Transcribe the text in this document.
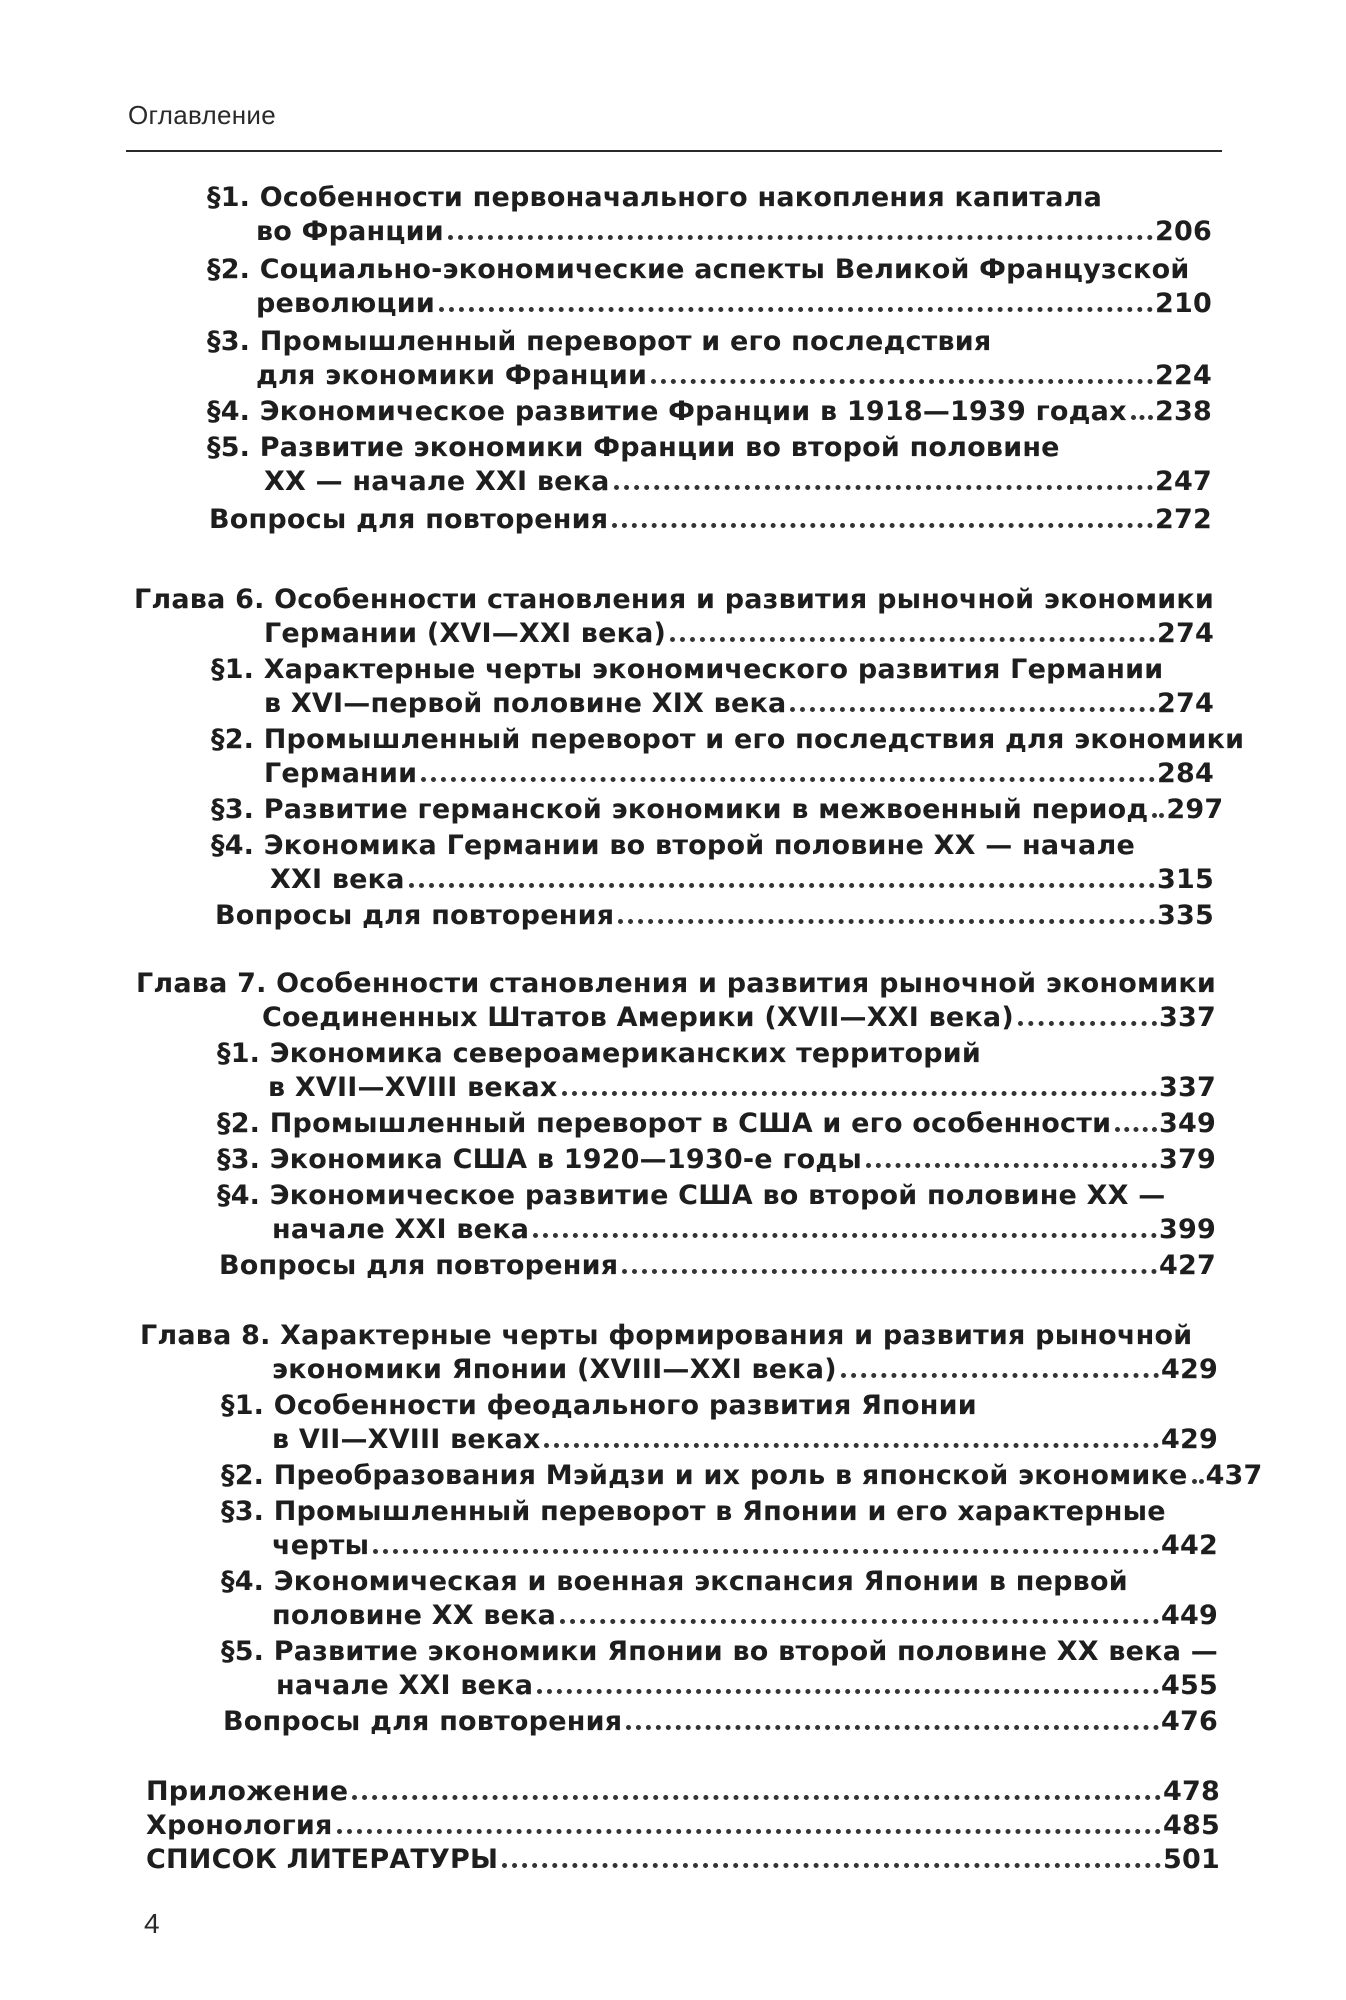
Оглавление
§1. Особенности первоначального накопления капитала
во Франции	206
§2. Социально-экономические аспекты Великой Французской
революции	210
§3. Промышленный переворот и его последствия
для экономики Франции	224
§4. Экономическое развитие Франции в 1918—1939 годах 238
§5. Развитие экономики Франции во второй половине
XX — начале XXI века	247
Вопросы для повторения	272
Глава 6. Особенности становления и развития рыночной экономики
Германии (XVI—XXI века)	274
§1. Характерные черты экономического развития Германии
в XVI—первой половине XIX века	274
§2. Промышленный переворот и его последствия для экономики
Германии	284
§3. Развитие германской экономики в межвоенный период 297
§4. Экономика Германии во второй половине XX — начале
XXI века	315
Вопросы для повторения	335
Глава 7. Особенности становления и развития рыночной экономики
Соединенных Штатов Америки (XVII—XXI века)	337
§1. Экономика североамериканских территорий
в XVII—XVIII веках	337
§2. Промышленный переворот в США и его особенности 349
§3. Экономика США в 1920—1930-е годы	379
§4. Экономическое развитие США во второй половине XX —
начале XXI века	399
Вопросы для повторения	427
Глава 8. Характерные черты формирования и развития рыночной
экономики Японии (XVIII—XXI века)	429
§1. Особенности феодального развития Японии
в VII—XVIII веках	429
§2. Преобразования Мэйдзи и их роль в японской экономике 437
§3. Промышленный переворот в Японии и его характерные
черты	442
§4. Экономическая и военная экспансия Японии в первой
половине XX века	449
§5. Развитие экономики Японии во второй половине XX века —
начале XXI века	455
Вопросы для повторения	476
Приложение	478
Хронология	485
СПИСОК ЛИТЕРАТУРЫ	501
4
